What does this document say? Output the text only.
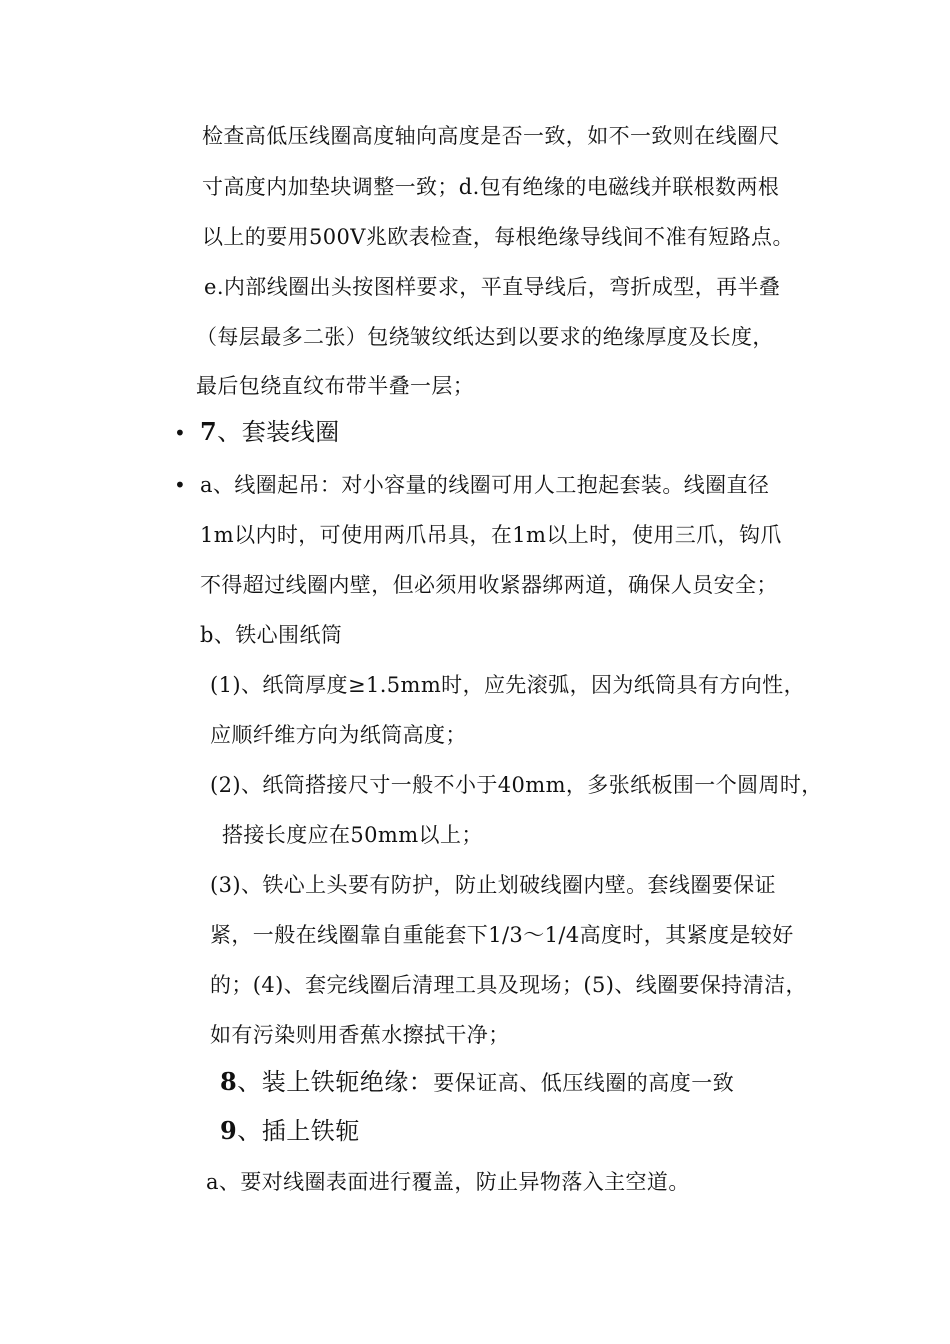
检查高低压线圈高度轴向高度是否一致，如不一致则在线圈尺
寸高度内加垫块调整一致；d.包有绝缘的电磁线并联根数两根
以上的要用500V兆欧表检查，每根绝缘导线间不准有短路点。
e.内部线圈出头按图样要求，平直导线后，弯折成型，再半叠
（每层最多二张）包绕皱纹纸达到以要求的绝缘厚度及长度，
最后包绕直纹布带半叠一层；
• 7、套装线圈
• a、线圈起吊：对小容量的线圈可用人工抱起套装。线圈直径
1m以内时，可使用两爪吊具，在1m以上时，使用三爪，钩爪
不得超过线圈内壁，但必须用收紧器绑两道，确保人员安全；
b、铁心围纸筒
(1)、纸筒厚度≥1.5mm时，应先滚弧，因为纸筒具有方向性，
应顺纤维方向为纸筒高度；
(2)、纸筒搭接尺寸一般不小于40mm，多张纸板围一个圆周时，
搭接长度应在50mm以上；
(3)、铁心上头要有防护，防止划破线圈内壁。套线圈要保证
紧，一般在线圈靠自重能套下1/3～1/4高度时，其紧度是较好
的；(4)、套完线圈后清理工具及现场；(5)、线圈要保持清洁，
如有污染则用香蕉水擦拭干净；
8、装上铁轭绝缘：要保证高、低压线圈的高度一致
9、插上铁轭
a、要对线圈表面进行覆盖，防止异物落入主空道。
